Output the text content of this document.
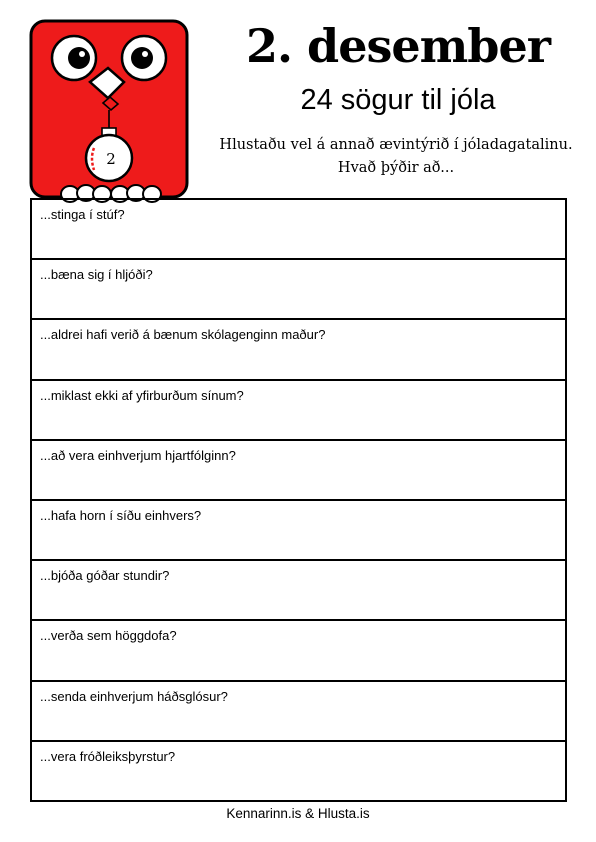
2
2. desember
24 sögur til jóla
Hlustaðu vel á annað ævintýrið í jóladagatalinu.
Hvað þýðir að...
...stinga í stúf?
...bæna sig í hljóði?
...aldrei hafi verið á bænum skólagenginn maður?
...miklast ekki af yfirburðum sínum?
...að vera einhverjum hjartfólginn?
...hafa horn í síðu einhvers?
...bjóða góðar stundir?
...verða sem höggdofa?
...senda einhverjum háðsglósur?
...vera fróðleiksþyrstur?
Kennarinn.is & Hlusta.is
